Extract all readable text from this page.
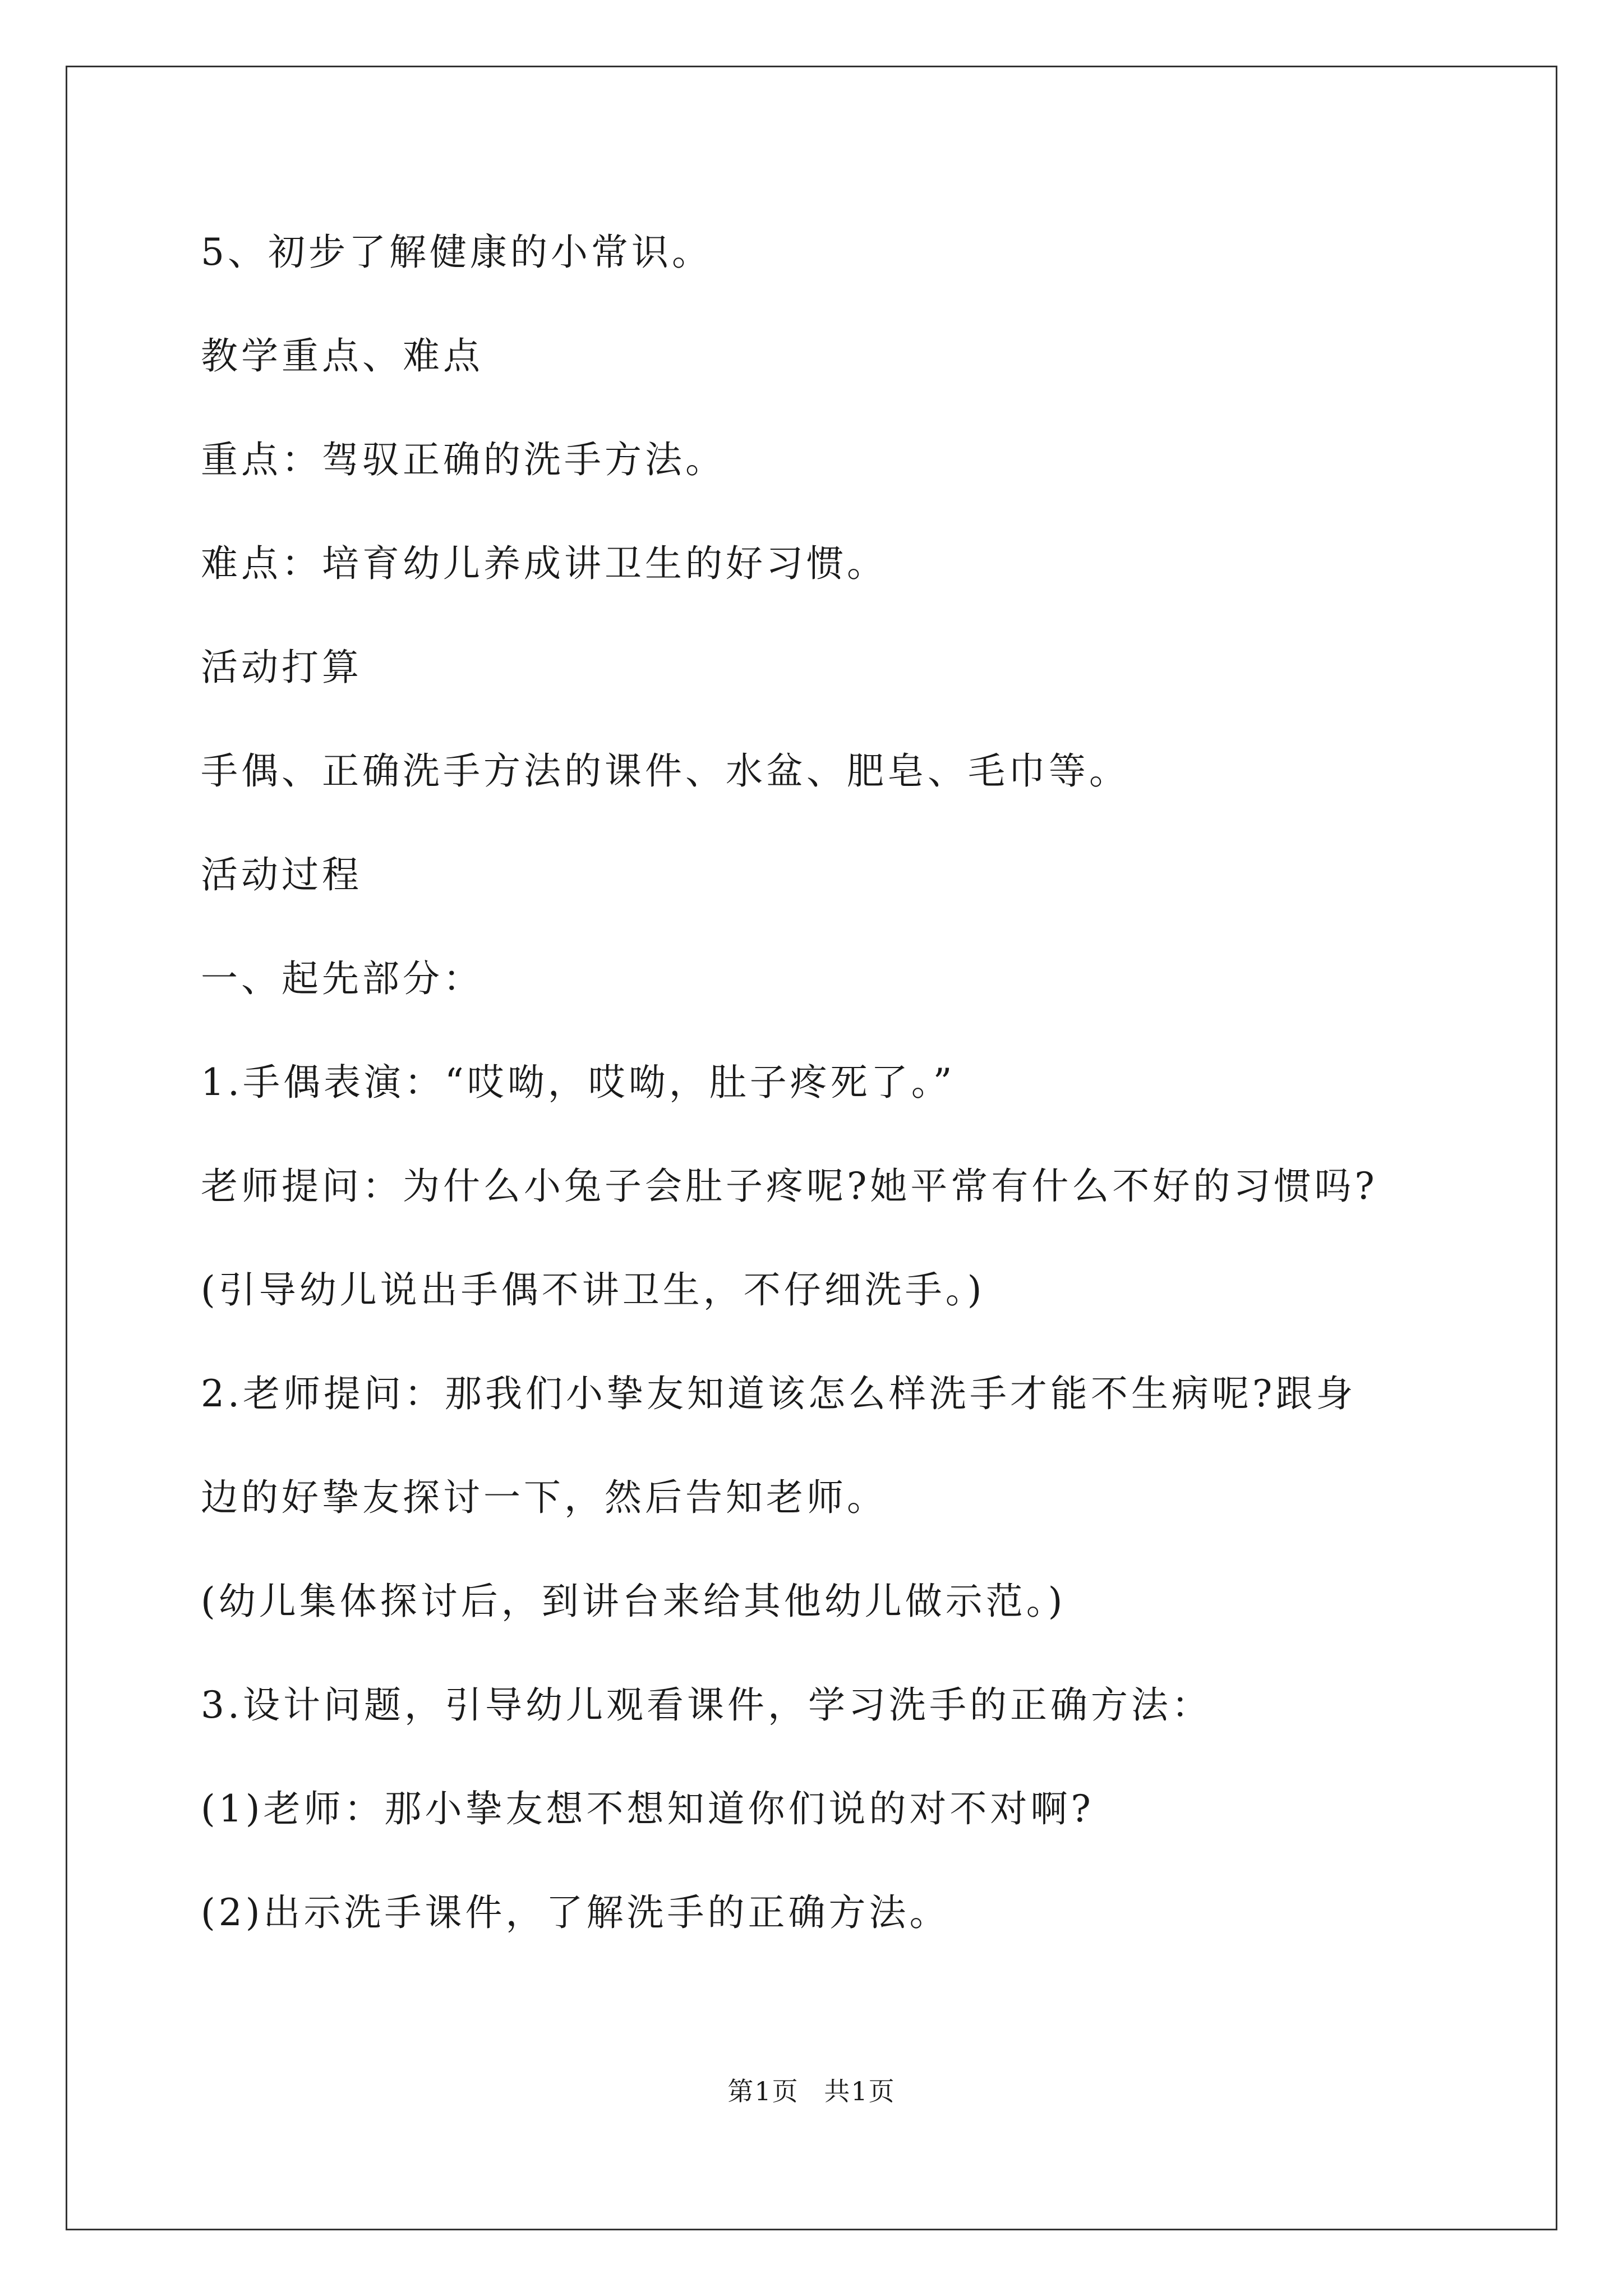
5、初步了解健康的小常识。
教学重点、难点
重点：驾驭正确的洗手方法。
难点：培育幼儿养成讲卫生的好习惯。
活动打算
手偶、正确洗手方法的课件、水盆、肥皂、毛巾等。
活动过程
一、起先部分：
1.手偶表演：“哎呦，哎呦，肚子疼死了。”
老师提问：为什么小兔子会肚子疼呢?她平常有什么不好的习惯吗?
(引导幼儿说出手偶不讲卫生，不仔细洗手。)
2.老师提问：那我们小挚友知道该怎么样洗手才能不生病呢?跟身
边的好挚友探讨一下，然后告知老师。
(幼儿集体探讨后，到讲台来给其他幼儿做示范。)
3.设计问题，引导幼儿观看课件，学习洗手的正确方法：
(1)老师：那小挚友想不想知道你们说的对不对啊?
(2)出示洗手课件，了解洗手的正确方法。
第1页 共1页
